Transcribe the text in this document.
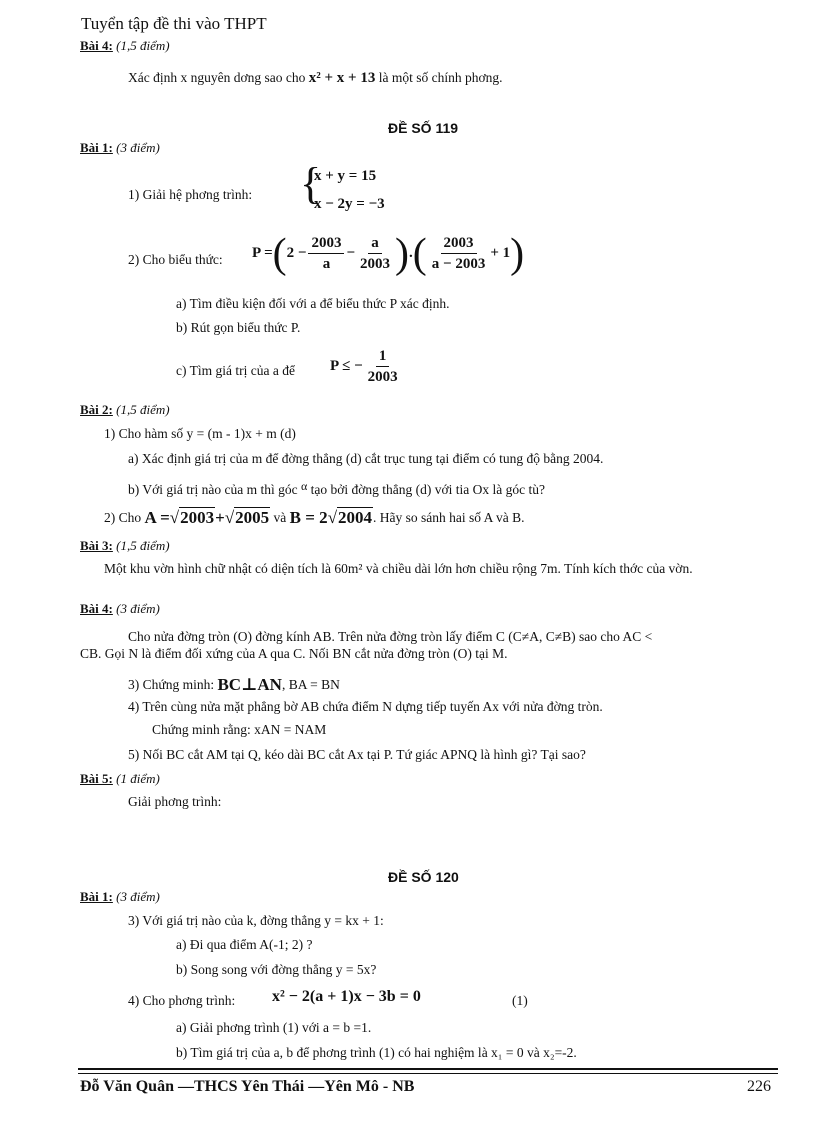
Tuyển tập đề thi vào THPT
Bài 4: (1,5 điểm)
Xác định x nguyên dơng sao cho x² + x + 13 là một số chính phơng.
ĐỀ SỐ 119
Bài 1: (3 điểm)
1) Giải hệ phơng trình: {
x + y = 15
x − 2y = −3
2) Cho biểu thức: P = ( $2 - \frac{2003}{a} - \frac{a}{2003}$ ) . ( $\frac{2003}{a - 2003} + 1$ )
a) Tìm điều kiện đối với a để biểu thức P xác định.
b) Rút gọn biểu thức P.
c) Tìm giá trị của a để P ≤ − $\frac{1}{2003}$
Bài 2: (1,5 điểm)
1) Cho hàm số y = (m - 1)x + m (d)
a) Xác định giá trị của m để đờng thẳng (d) cắt trục tung tại điểm có tung độ bằng 2004.
b) Với giá trị nào của m thì góc α tạo bởi đờng thẳng (d) với tia Ox là góc tù?
2) Cho
A = √2003 + √2005
và
B = 2 √2004 . Hãy so sánh hai số A và B.
Bài 3: (1,5 điểm)
Một khu vờn hình chữ nhật có diện tích là 60m² và chiều dài lớn hơn chiều rộng 7m. Tính kích thớc của vờn.
Bài 4: (3 điểm)
Cho nửa đờng tròn (O) đờng kính AB. Trên nửa đờng tròn lấy điểm C (C≠A, C≠B) sao cho AC <
CB. Gọi N là điểm đối xứng của A qua C. Nối BN cắt nửa đờng tròn (O) tại M.
3) Chứng minh:
BC⊥AN , BA = BN
4) Trên cùng nửa mặt phẳng bờ AB chứa điểm N dựng tiếp tuyến Ax với nửa đờng tròn.
Chứng minh rằng: xAN = NAM
5) Nối BC cắt AM tại Q, kéo dài BC cắt Ax tại P. Tứ giác APNQ là hình gì? Tại sao?
Bài 5: (1 điểm)
Giải phơng trình:
ĐỀ SỐ 120
Bài 1: (3 điểm)
3) Với giá trị nào của k, đờng thẳng y = kx + 1:
a) Đi qua điểm A(-1; 2) ?
b) Song song với đờng thẳng y = 5x?
4) Cho phơng trình: x² − 2(a + 1)x − 3b = 0	(1)
a) Giải phơng trình (1) với a = b =1.
b) Tìm giá trị của a, b để phơng trình (1) có hai nghiệm là x₁ = 0 và x₂=-2.
Đỗ Văn Quân —THCS Yên Thái —Yên Mô - NB	226
